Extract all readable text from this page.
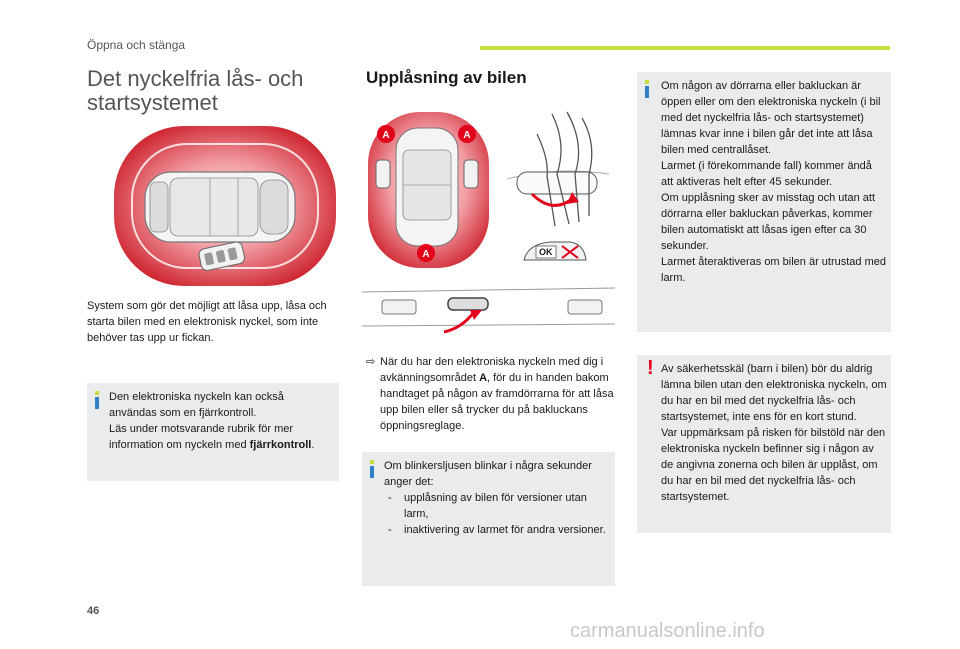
Öppna och stänga
Det nyckelfria lås- och
startsystemet
System som gör det möjligt att låsa upp, låsa och starta bilen med en elektronisk nyckel, som inte behöver tas upp ur fickan.
Den elektroniska nyckeln kan också användas som en fjärrkontroll.
Läs under motsvarande rubrik för mer information om nyckeln med fjärrkontroll.
Upplåsning av bilen
A	A
A	OK
⇨ När du har den elektroniska nyckeln med dig i avkänningsområdet A, för du in handen bakom handtaget på någon av framdörrarna för att låsa upp bilen eller så trycker du på bakluckans öppningsreglage.
Om blinkersljusen blinkar i några sekunder anger det:
- upplåsning av bilen för versioner utan larm,
- inaktivering av larmet för andra versioner.
Om någon av dörrarna eller bakluckan är öppen eller om den elektroniska nyckeln (i bil med det nyckelfria lås- och startsystemet) lämnas kvar inne i bilen går det inte att låsa bilen med centrallåset.
Larmet (i förekommande fall) kommer ändå att aktiveras helt efter 45 sekunder.
Om upplåsning sker av misstag och utan att dörrarna eller bakluckan påverkas, kommer bilen automatiskt att låsas igen efter ca 30 sekunder.
Larmet återaktiveras om bilen är utrustad med larm.
! Av säkerhetsskäl (barn i bilen) bör du aldrig lämna bilen utan den elektroniska nyckeln, om du har en bil med det nyckelfria lås- och startsystemet, inte ens för en kort stund.
Var uppmärksam på risken för bilstöld när den elektroniska nyckeln befinner sig i någon av de angivna zonerna och bilen är upplåst, om du har en bil med det nyckelfria lås- och startsystemet.
46
carmanualsonline.info
